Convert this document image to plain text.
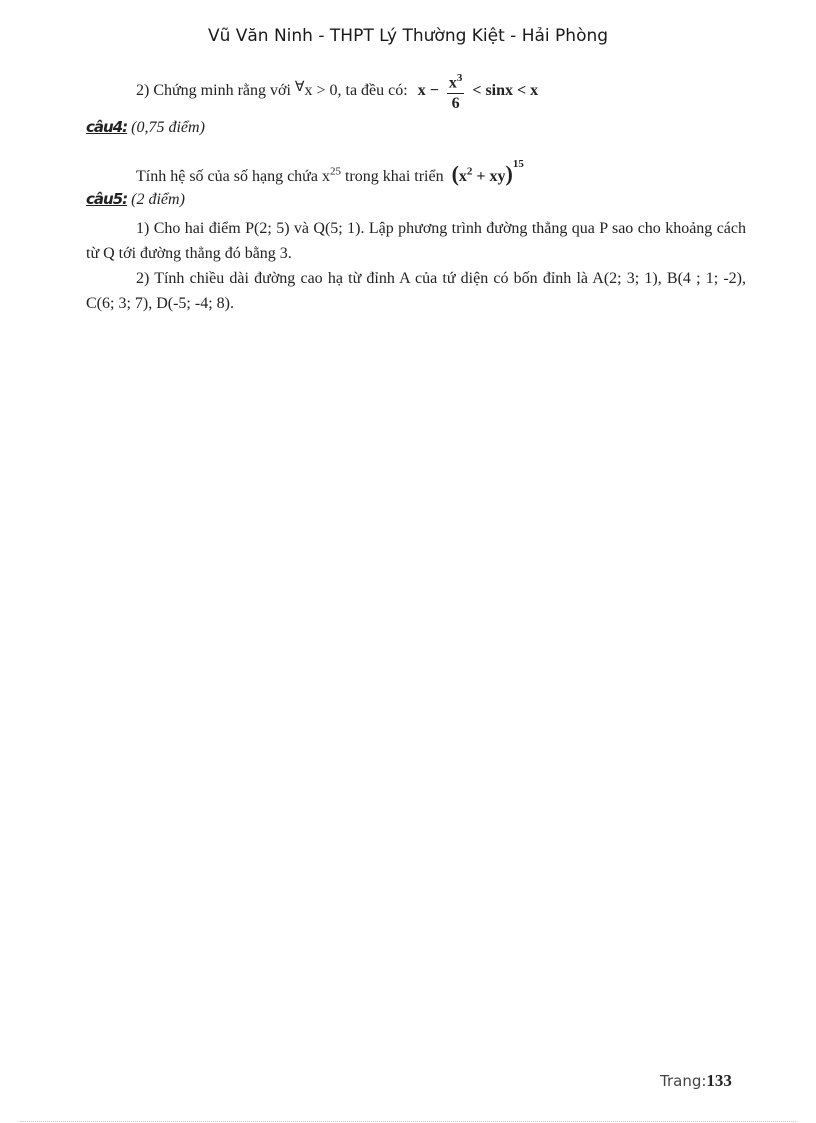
Vũ Văn Ninh - THPT Lý Thường Kiệt - Hải Phòng
2) Chứng minh rằng với ∀x > 0, ta đều có: $x - \frac{x^3}{6} < \sin x < x$
câu4: (0,75 điểm)
Tính hệ số của số hạng chứa $x^{25}$ trong khai triển $(x^2 + xy)^{15}$
câu5: (2 điểm)
1) Cho hai điểm P(2; 5) và Q(5; 1). Lập phương trình đường thẳng qua P sao cho khoảng cách từ Q tới đường thẳng đó bằng 3.
2) Tính chiều dài đường cao hạ từ đỉnh A của tứ diện có bốn đỉnh là A(2; 3; 1), B(4 ; 1; -2), C(6; 3; 7), D(-5; -4; 8).
Trang:133
